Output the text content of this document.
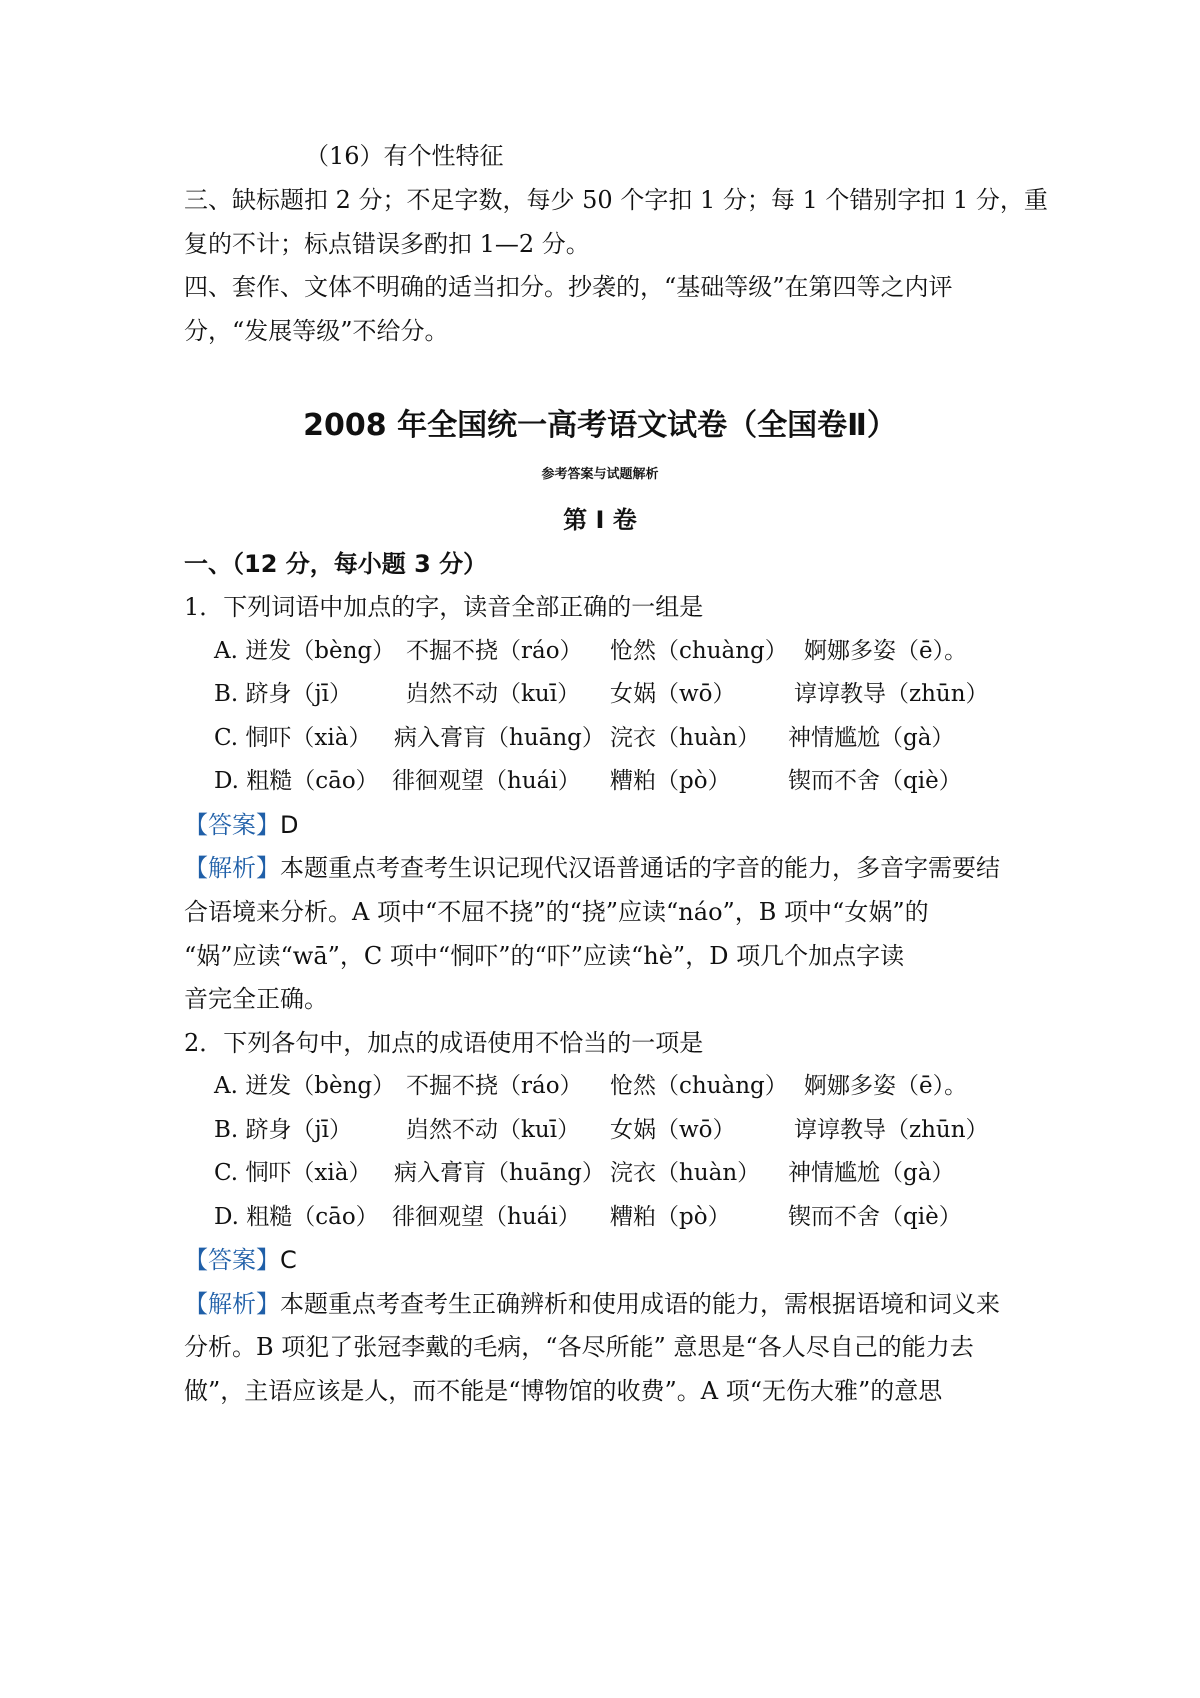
（16）有个性特征
三、缺标题扣 2 分；不足字数，每少 50 个字扣 1 分；每 1 个错别字扣 1 分，重
复的不计；标点错误多酌扣 1—2 分。
四、套作、文体不明确的适当扣分。抄袭的，“基础等级”在第四等之内评
分，“发展等级”不给分。
2008 年全国统一高考语文试卷（全国卷Ⅱ）
参考答案与试题解析
第 I 卷
一、（12 分，每小题 3 分）
1．下列词语中加点的字，读音全部正确的一组是

A. 迸发（bèng）

不掘不挠（ráo）

怆然（chuàng）

婀娜多姿（ē）。

B. 跻身（jī）

岿然不动（kuī）

女娲（wō）

	谆谆教导（zhūn）

C. 恫吓（xià）

病入膏肓（huāng）

浣衣（huàn）

神情尴尬（gà）

D. 粗糙（cāo）

徘徊观望（huái）

糟粕（pò）

锲而不舍（qiè）

【答案】D
【解析】本题重点考查考生识记现代汉语普通话的字音的能力，多音字需要结
合语境来分析。A 项中“不屈不挠”的“挠”应读“náo”，B 项中“女娲”的
“娲”应读“wā”，C 项中“恫吓”的“吓”应读“hè”，D 项几个加点字读
音完全正确。
2．下列各句中，加点的成语使用不恰当的一项是

A. 迸发（bèng）

不掘不挠（ráo）

怆然（chuàng）

婀娜多姿（ē）。

B. 跻身（jī）

岿然不动（kuī）

女娲（wō）

	谆谆教导（zhūn）

C. 恫吓（xià）

病入膏肓（huāng）

浣衣（huàn）

神情尴尬（gà）

D. 粗糙（cāo）

徘徊观望（huái）

糟粕（pò）

锲而不舍（qiè）

【答案】C
【解析】本题重点考查考生正确辨析和使用成语的能力，需根据语境和词义来
分析。B 项犯了张冠李戴的毛病，“各尽所能” 意思是“各人尽自己的能力去
做”，主语应该是人，而不能是“博物馆的收费”。A 项“无伤大雅”的意思
